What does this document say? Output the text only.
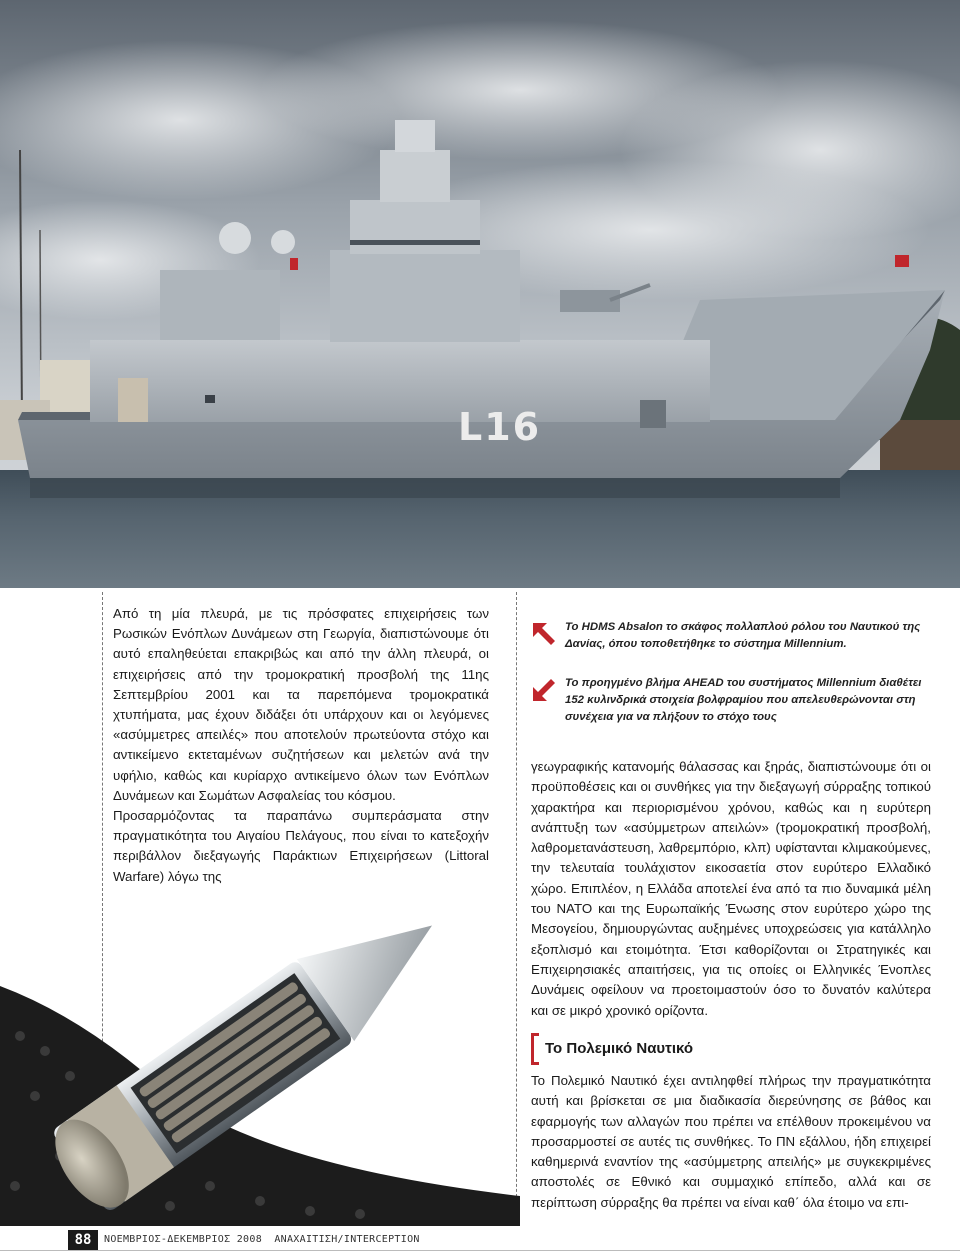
L16

Από τη μία πλευρά, με τις πρόσφατες επιχειρήσεις των Ρωσικών Ενόπλων Δυνάμεων στη Γεωργία, διαπιστώνουμε ότι αυτό επαληθεύεται επακριβώς και από την άλλη πλευρά, οι επιχειρήσεις από την τρομοκρατική προσβολή της 11ης Σεπτεμβρίου 2001 και τα παρεπόμενα τρομοκρατικά χτυπήματα, μας έχουν διδάξει ότι υπάρχουν και οι λεγόμενες «ασύμμετρες απειλές» που αποτελούν πρωτεύοντα στόχο και αντικείμενο εκτεταμένων συζητήσεων και μελετών ανά την υφήλιο, καθώς και κυρίαρχο αντικείμενο όλων των Ενόπλων Δυνάμεων και Σωμάτων Ασφαλείας του κόσμου.

Προσαρμόζοντας τα παραπάνω συμπεράσματα στην πραγματικότητα του Αιγαίου Πελάγους, που είναι το κατεξοχήν περιβάλλον διεξαγωγής Παράκτιων Επιχειρήσεων (Littoral Warfare) λόγω της

Το HDMS Absalon το σκάφος πολλαπλού ρόλου του Ναυτικού της Δανίας, όπου τοποθετήθηκε το σύστημα Millennium.
Το προηγμένο βλήμα AHEAD του συστήματος Millennium διαθέτει 152 κυλινδρικά στοιχεία βολφραμίου που απελευθερώνονται στη συνέχεια για να πλήξουν το στόχο τους

γεωγραφικής κατανομής θάλασσας και ξηράς, διαπιστώνουμε ότι οι προϋποθέσεις και οι συνθήκες για την διεξαγωγή σύρραξης τοπικού χαρακτήρα και περιορισμένου χρόνου, καθώς και η ευρύτερη ανάπτυξη των «ασύμμετρων απειλών» (τρομοκρατική προσβολή, λαθρομετανάστευση, λαθρεμπόριο, κλπ) υφίστανται κλιμακούμενες, την τελευταία τουλάχιστον εικοσαετία στον ευρύτερο Ελλαδικό χώρο. Επιπλέον, η Ελλάδα αποτελεί ένα από τα πιο δυναμικά μέλη του ΝΑΤΟ και της Ευρωπαϊκής Ένωσης στον ευρύτερο χώρο της Μεσογείου, δημιουργώντας αυξημένες υποχρεώσεις για κατάλληλο εξοπλισμό και ετοιμότητα. Έτσι καθορίζονται οι Στρατηγικές και Επιχειρησιακές απαιτήσεις, για τις οποίες οι Ελληνικές Ένοπλες Δυνάμεις οφείλουν να προετοιμαστούν όσο το δυνατόν καλύτερα και σε μικρό χρονικό ορίζοντα.

Το Πολεμικό Ναυτικό

Το Πολεμικό Ναυτικό έχει αντιληφθεί πλήρως την πραγματικότητα αυτή και βρίσκεται σε μια διαδικασία διερεύνησης σε βάθος και εφαρμογής των αλλαγών που πρέπει να επέλθουν προκειμένου να προσαρμοστεί σε αυτές τις συνθήκες. Το ΠΝ εξάλλου, ήδη επιχειρεί καθημερινά εναντίον της «ασύμμετρης απειλής» με συγκεκριμένες αποστολές σε Εθνικό και συμμαχικό επίπεδο, αλλά και σε περίπτωση σύρραξης θα πρέπει να είναι καθ΄ όλα έτοιμο να επι-

88	ΝΟΕΜΒΡΙΟΣ-ΔΕΚΕΜΒΡΙΟΣ 2008 ΑΝΑΧΑΙΤΙΣΗ/INTERCEPTION
